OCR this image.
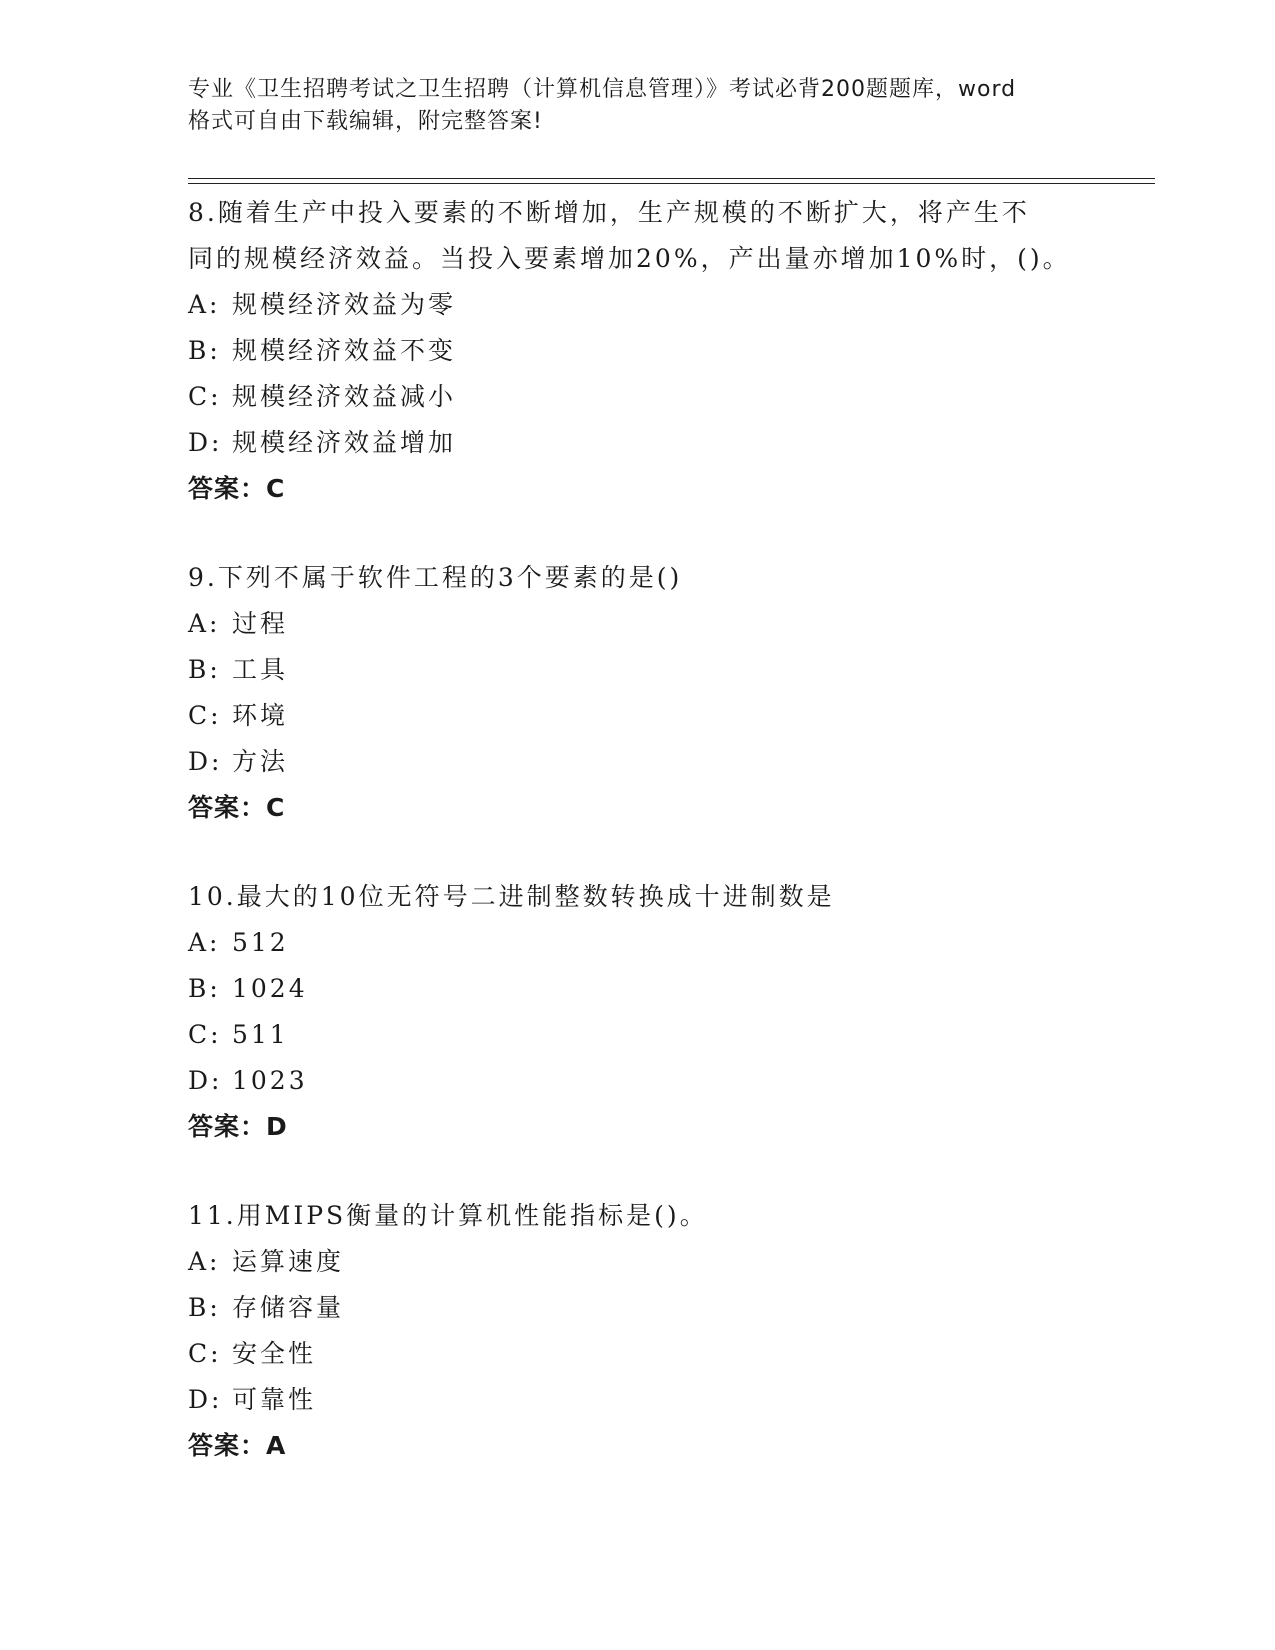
专业《卫生招聘考试之卫生招聘（计算机信息管理）》考试必背200题题库，word
格式可自由下载编辑，附完整答案!

8.随着生产中投入要素的不断增加，生产规模的不断扩大，将产生不
同的规模经济效益。当投入要素增加20%，产出量亦增加10%时，()。

A: 规模经济效益为零
B: 规模经济效益不变
C: 规模经济效益减小
D: 规模经济效益增加
答案：C

9.下列不属于软件工程的3个要素的是()

A: 过程
B: 工具
C: 环境
D: 方法
答案：C

10.最大的10位无符号二进制整数转换成十进制数是

A: 512
B: 1024
C: 511
D: 1023
答案：D

11.用MIPS衡量的计算机性能指标是()。

A: 运算速度
B: 存储容量
C: 安全性
D: 可靠性
答案：A
